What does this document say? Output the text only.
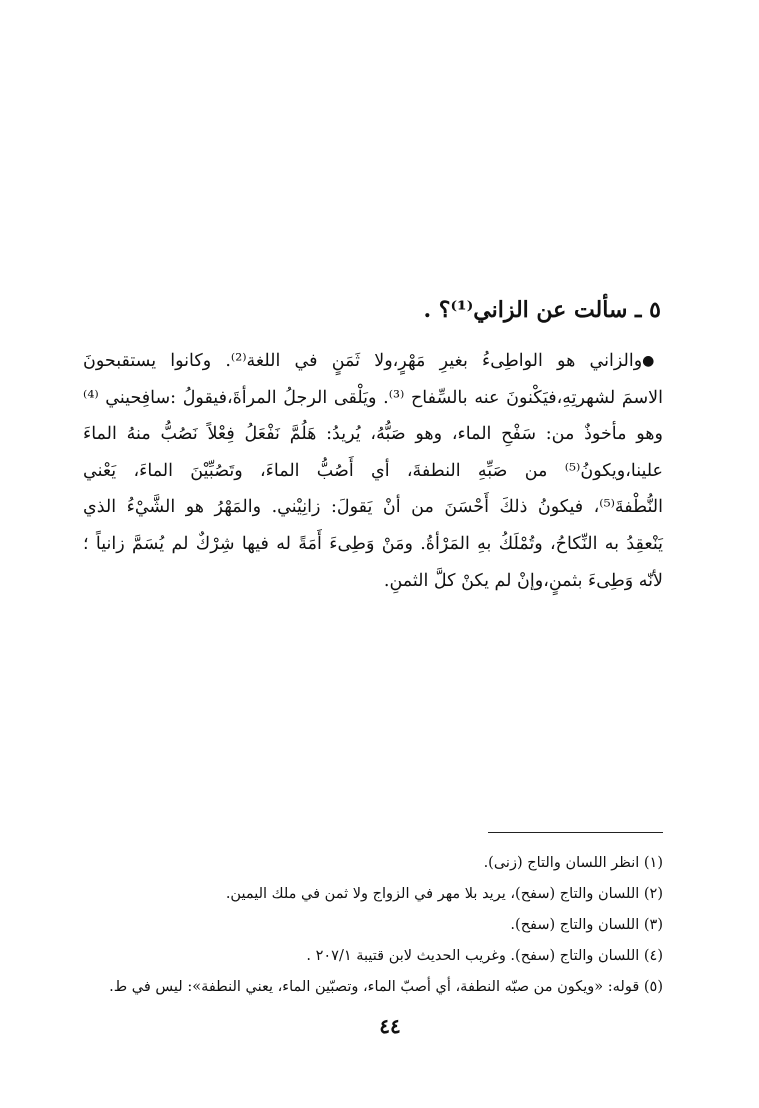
٥ ـ سألت عن الزاني⁽¹⁾؟ .
●والزاني هو الواطِىءُ بغيرِ مَهْرٍ،ولا ثَمَنٍ في اللغة⁽²⁾. وكانوا يستقبحونَ
الاسمَ لشهرتِهِ،فيَكْنونَ عنه بالسِّفاح ⁽³⁾. ويَلْقى الرجلُ المرأةَ،فيقولُ :سافِحيني ⁽⁴⁾
وهو مأخوذٌ من: سَفْحِ الماء، وهو صَبُّهُ، يُريدُ: هَلُمَّ نَفْعَلُ فِعْلاً نَصُبُّ منهُ الماءَ
علينا،ويكونُ⁽⁵⁾ من صَبِّهِ النطفةَ، أي أَصُبُّ الماءَ، وتَصُبِّيْنَ الماءَ، يَعْني
النُّطْفةَ⁽⁵⁾، فيكونُ ذلكَ أَحْسَنَ من أنْ يَقولَ: زانِيْني. والمَهْرُ هو الشَّيْءُ الذي
يَنْعقِدُ به النِّكاحُ، وتُمْلَكُ بهِ المَرْأةُ. ومَنْ وَطِىءَ أَمَةً له فيها شِرْكٌ لم يُسَمَّ زانياً ؛
لأنّه وَطِىءَ بثمنٍ،وإنْ لم يكنْ كلَّ الثمنِ.
(١) انظر اللسان والتاج (زنى).
(٢) اللسان والتاج (سفح)، يريد بلا مهر في الزواج ولا ثمن في ملك اليمين.
(٣) اللسان والتاج (سفح).
(٤) اللسان والتاج (سفح). وغريب الحديث لابن قتيبة ٢٠٧/١ .
(٥) قوله: «ويكون من صبّه النطفة، أي أصبّ الماء، وتصبّين الماء، يعني النطفة»: ليس في ط.
٤٤
